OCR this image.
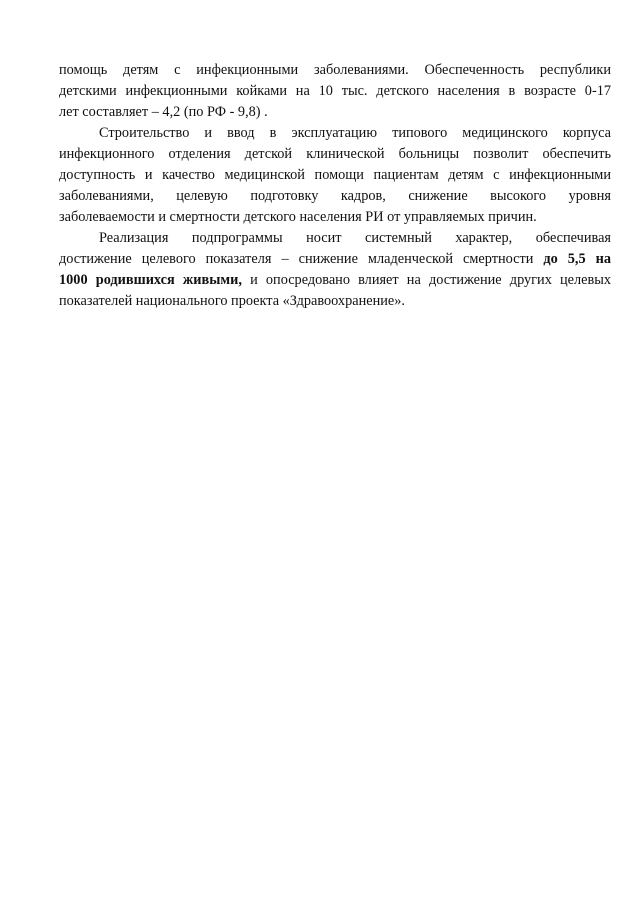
помощь детям с инфекционными заболеваниями. Обеспеченность республики
детскими инфекционными койками на 10 тыс. детского населения в возрасте 0-17
лет составляет – 4,2 (по РФ - 9,8) .

Строительство и ввод в эксплуатацию типового медицинского корпуса
инфекционного отделения детской клинической больницы позволит обеспечить
доступность и качество медицинской помощи пациентам детям с инфекционными
заболеваниями, целевую подготовку кадров, снижение высокого уровня
заболеваемости и смертности детского населения РИ от управляемых причин.

Реализация подпрограммы носит системный характер, обеспечивая
достижение целевого показателя – снижение младенческой смертности до 5,5 на
1000 родившихся живыми, и опосредовано влияет на достижение других целевых
показателей национального проекта «Здравоохранение».
